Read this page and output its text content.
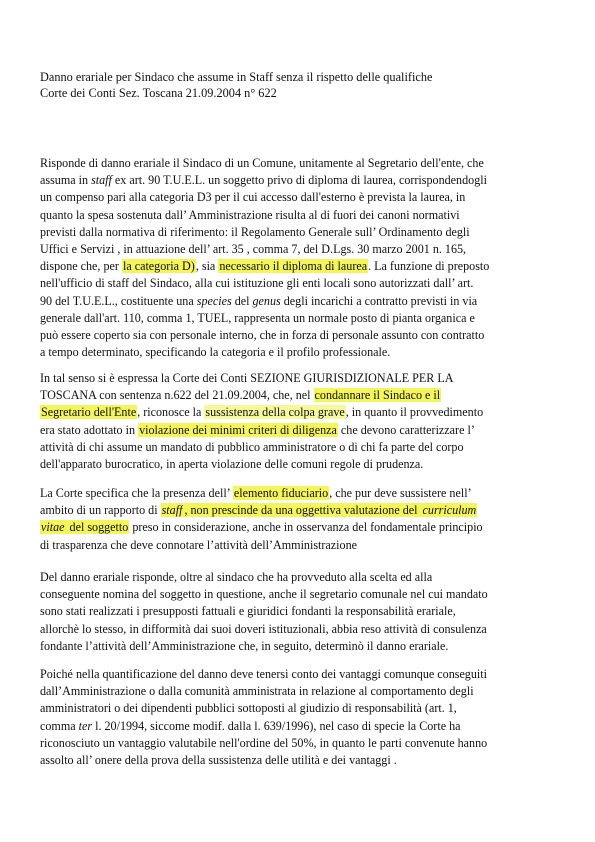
Danno erariale per Sindaco che assume in Staff senza il rispetto delle qualifiche
Corte dei Conti Sez. Toscana 21.09.2004 n° 622
Risponde di danno erariale il Sindaco di un Comune, unitamente al Segretario dell'ente, che
assuma in staff ex art. 90 T.U.E.L. un soggetto privo di diploma di laurea, corrispondendogli
un compenso pari alla categoria D3 per il cui accesso dall'esterno è prevista la laurea, in
quanto la spesa sostenuta dall’ Amministrazione risulta al di fuori dei canoni normativi
previsti dalla normativa di riferimento: il Regolamento Generale sull’ Ordinamento degli
Uffici e Servizi , in attuazione dell’ art. 35 , comma 7, del D.Lgs. 30 marzo 2001 n. 165,
dispone che, per la categoria D), sia necessario il diploma di laurea. La funzione di preposto
nell'ufficio di staff del Sindaco, alla cui istituzione gli enti locali sono autorizzati dall’ art.
90 del T.U.E.L., costituente una species del genus degli incarichi a contratto previsti in via
generale dall'art. 110, comma 1, TUEL, rappresenta un normale posto di pianta organica e
può essere coperto sia con personale interno, che in forza di personale assunto con contratto
a tempo determinato, specificando la categoria e il profilo professionale.
In tal senso si è espressa la Corte dei Conti SEZIONE GIURISDIZIONALE PER LA
TOSCANA con sentenza n.622 del 21.09.2004, che, nel condannare il Sindaco e il
Segretario dell'Ente, riconosce la sussistenza della colpa grave, in quanto il provvedimento
era stato adottato in violazione dei minimi criteri di diligenza che devono caratterizzare l’
attività di chi assume un mandato di pubblico amministratore o di chi fa parte del corpo
dell'apparato burocratico, in aperta violazione delle comuni regole di prudenza.
La Corte specifica che la presenza dell’ elemento fiduciario, che pur deve sussistere nell’
ambito di un rapporto di staff , non prescinde da una oggettiva valutazione del curriculum
vitae del soggetto preso in considerazione, anche in osservanza del fondamentale principio
di trasparenza che deve connotare l’attività dell’Amministrazione
Del danno erariale risponde, oltre al sindaco che ha provveduto alla scelta ed alla
conseguente nomina del soggetto in questione, anche il segretario comunale nel cui mandato
sono stati realizzati i presupposti fattuali e giuridici fondanti la responsabilità erariale,
allorchè lo stesso, in difformità dai suoi doveri istituzionali, abbia reso attività di consulenza
fondante l’attività dell’Amministrazione che, in seguito, determinò il danno erariale.
Poiché nella quantificazione del danno deve tenersi conto dei vantaggi comunque conseguiti
dall’Amministrazione o dalla comunità amministrata in relazione al comportamento degli
amministratori o dei dipendenti pubblici sottoposti al giudizio di responsabilità (art. 1,
comma ter l. 20/1994, siccome modif. dalla l. 639/1996), nel caso di specie la Corte ha
riconosciuto un vantaggio valutabile nell'ordine del 50%, in quanto le parti convenute hanno
assolto all’ onere della prova della sussistenza delle utilità e dei vantaggi .
